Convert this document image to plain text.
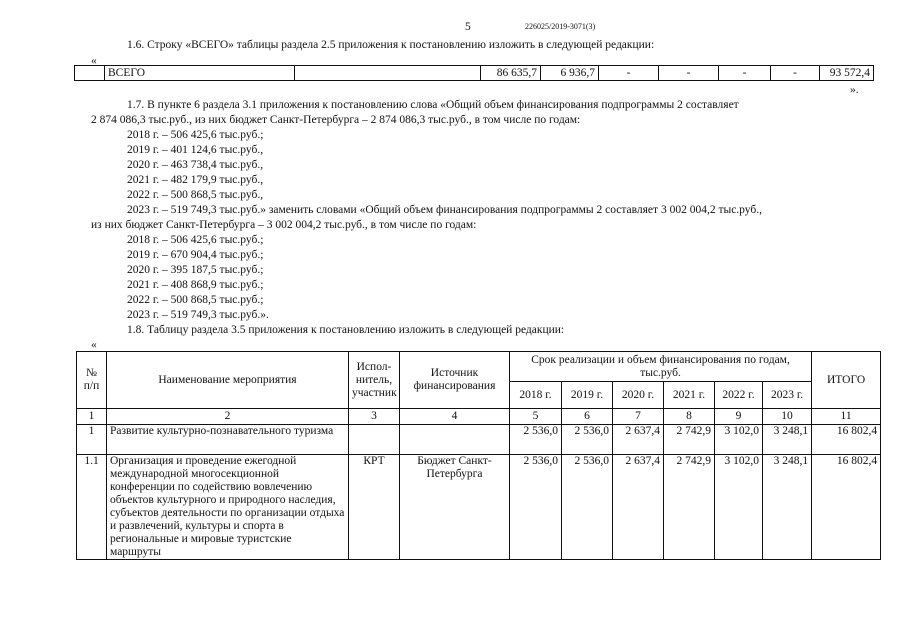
5	226025/2019-3071(3)
1.6. Строку «ВСЕГО» таблицы раздела 2.5 приложения к постановлению изложить в следующей редакции:
«
	ВСЕГО		86 635,7	6 936,7	-	-	-	-	93 572,4
».
1.7. В пункте 6 раздела 3.1 приложения к постановлению слова «Общий объем финансирования подпрограммы 2 составляет
2 874 086,3 тыс.руб., из них бюджет Санкт-Петербурга – 2 874 086,3 тыс.руб., в том числе по годам:
2018 г. – 506 425,6 тыс.руб.;
2019 г. – 401 124,6 тыс.руб.,
2020 г. – 463 738,4 тыс.руб.,
2021 г. – 482 179,9 тыс.руб.,
2022 г. – 500 868,5 тыс.руб.,
2023 г. – 519 749,3 тыс.руб.» заменить словами «Общий объем финансирования подпрограммы 2 составляет 3 002 004,2 тыс.руб.,
из них бюджет Санкт-Петербурга – 3 002 004,2 тыс.руб., в том числе по годам:
2018 г. – 506 425,6 тыс.руб.;
2019 г. – 670 904,4 тыс.руб.;
2020 г. – 395 187,5 тыс.руб.;
2021 г. – 408 868,9 тыс.руб.;
2022 г. – 500 868,5 тыс.руб.;
2023 г. – 519 749,3 тыс.руб.».
1.8. Таблицу раздела 3.5 приложения к постановлению изложить в следующей редакции:
«
№ п/п	Наименование мероприятия	Испол-нитель, участник	Источник финансирования	Срок реализации и объем финансирования по годам, тыс.руб.						ИТОГО
				2018 г.	2019 г.	2020 г.	2021 г.	2022 г.	2023 г.	
1	2	3	4	5	6	7	8	9	10	11
1	Развитие культурно-познавательного туризма			2 536,0	2 536,0	2 637,4	2 742,9	3 102,0	3 248,1	16 802,4
1.1	Организация и проведение ежегодной международной многосекционной конференции по содействию вовлечению объектов культурного и природного наследия, субъектов деятельности по организации отдыха и развлечений, культуры и спорта в региональные и мировые туристские маршруты	КРТ	Бюджет Санкт-Петербурга	2 536,0	2 536,0	2 637,4	2 742,9	3 102,0	3 248,1	16 802,4
